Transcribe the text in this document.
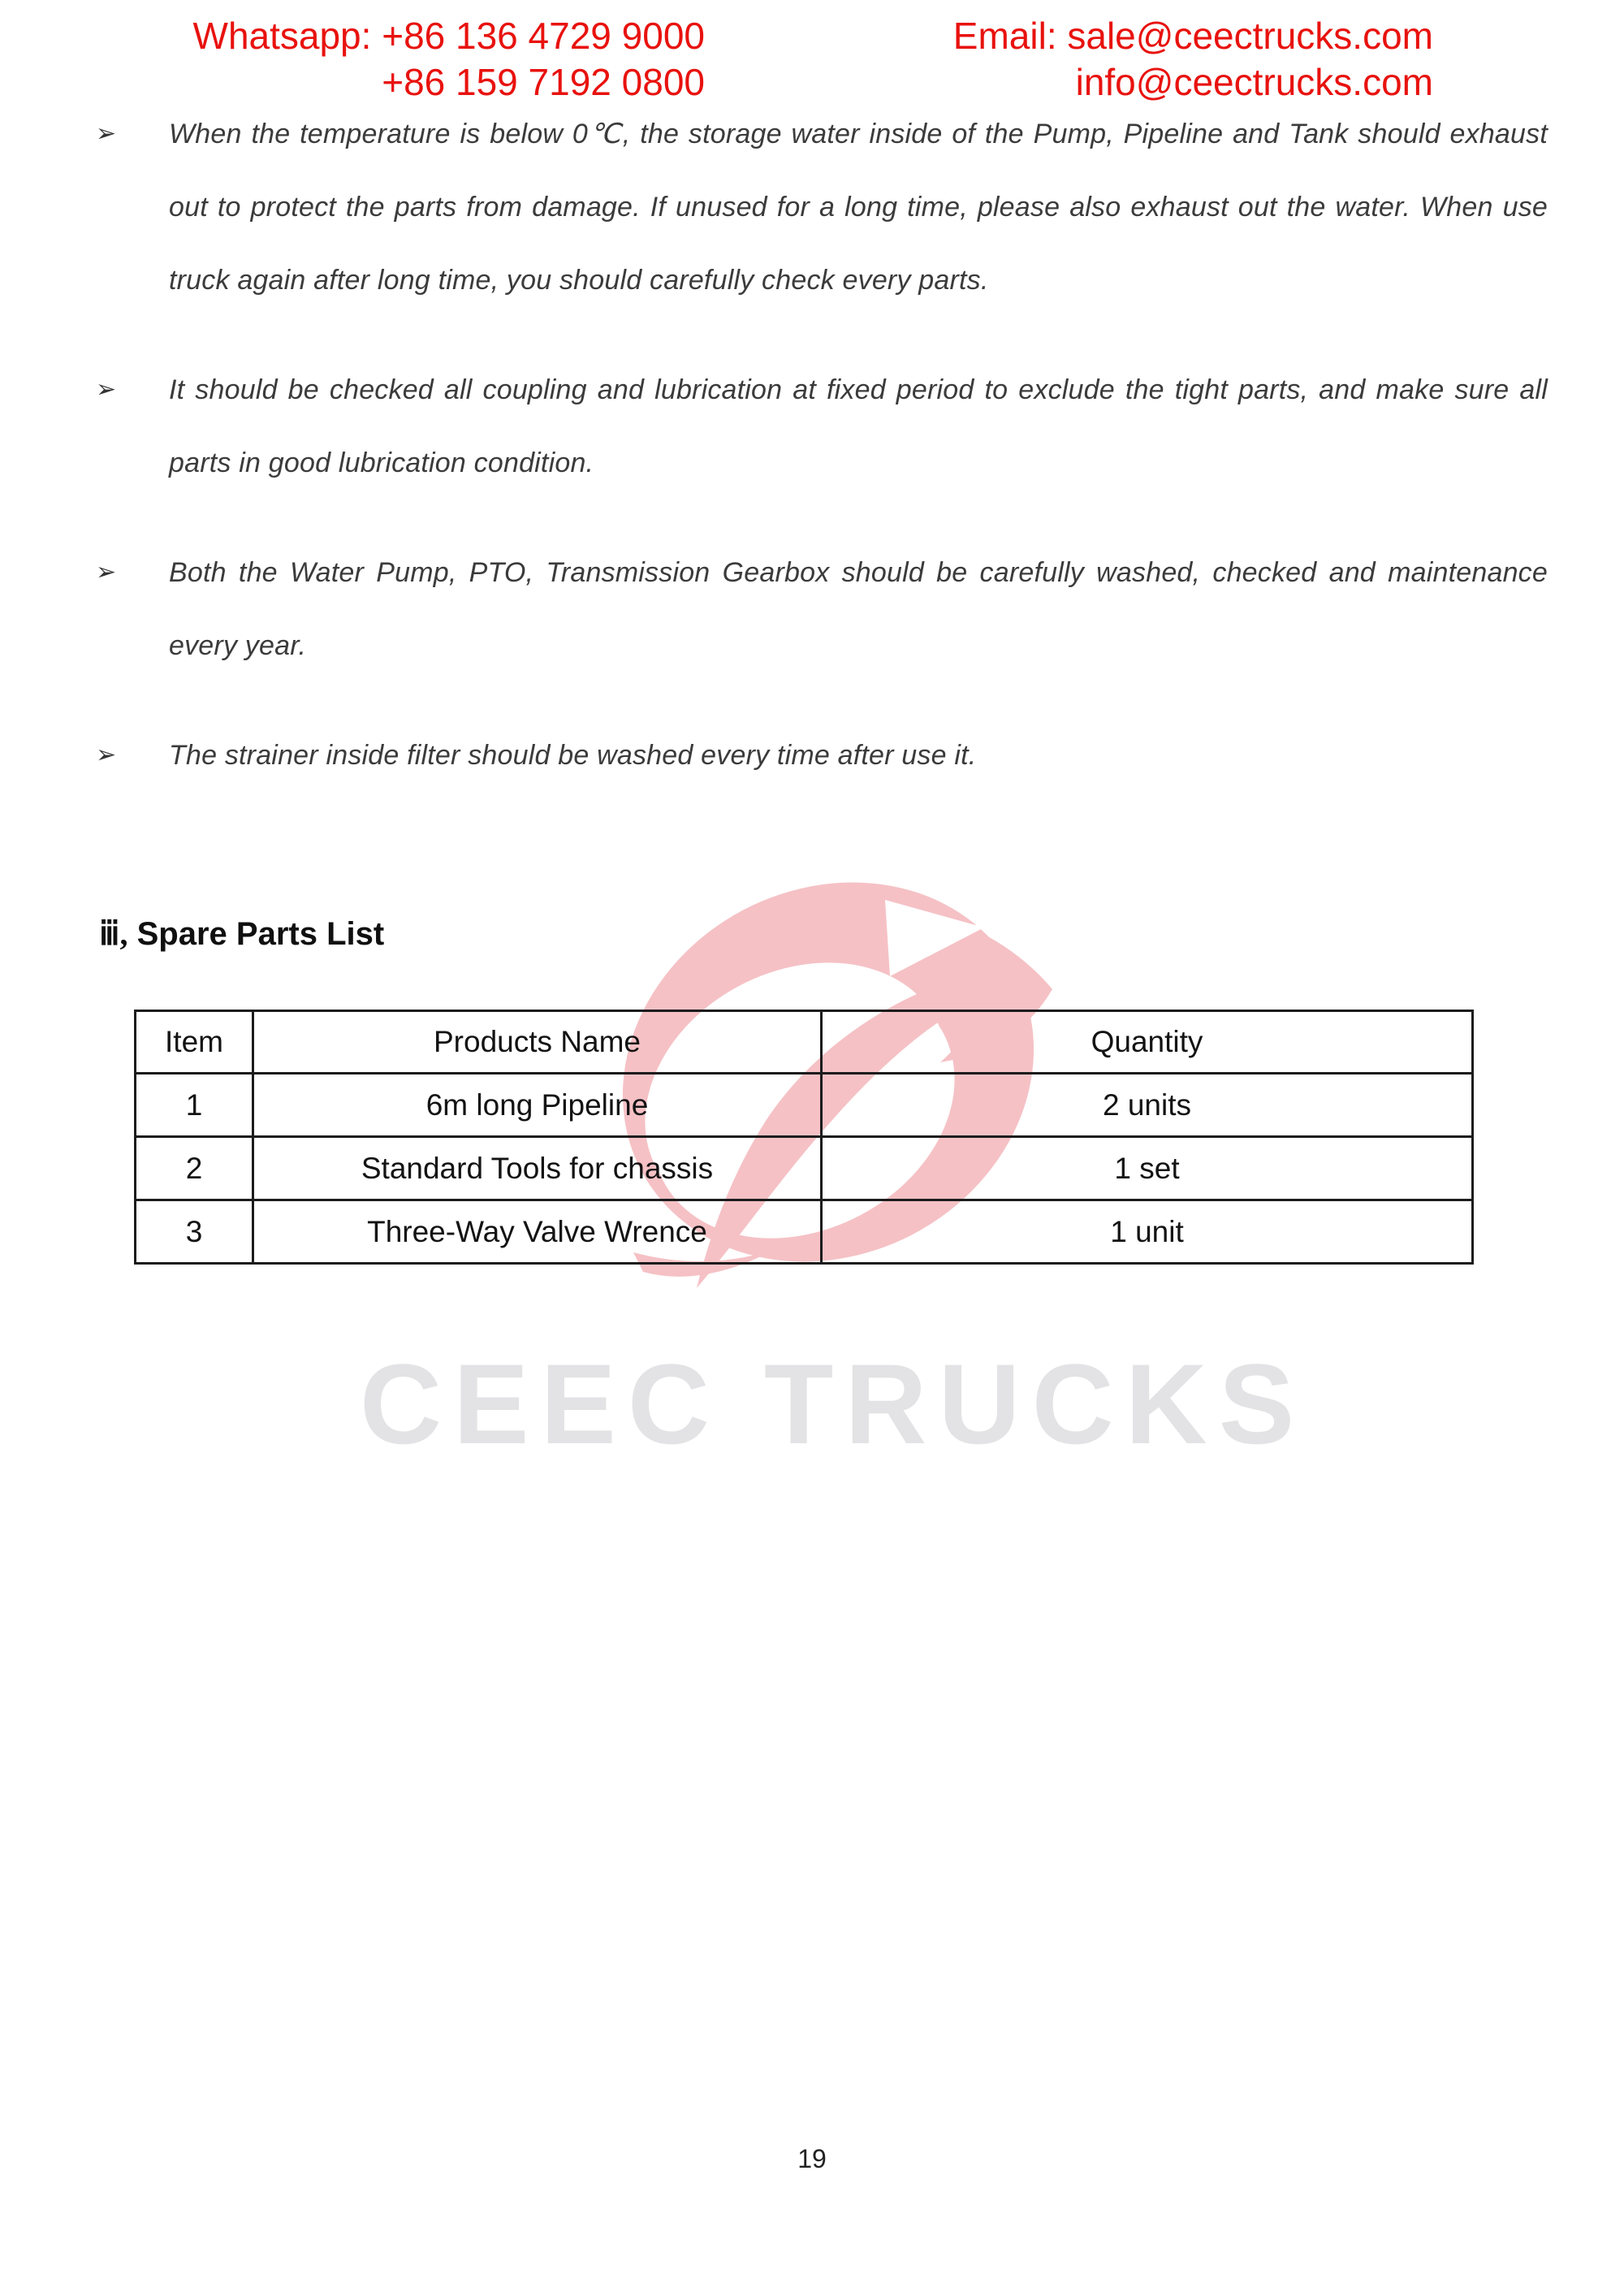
Whatsapp: +86 136 4729 9000
+86 159 7192 0800
Email: sale@ceectrucks.com
info@ceectrucks.com
➢	When the temperature is below 0℃, the storage water inside of the Pump, Pipeline and Tank should exhaust out to protect the parts from damage. If unused for a long time, please also exhaust out the water. When use truck again after long time, you should carefully check every parts.
➢	It should be checked all coupling and lubrication at fixed period to exclude the tight parts, and make sure all parts in good lubrication condition.
➢	Both the Water Pump, PTO, Transmission Gearbox should be carefully washed, checked and maintenance every year.
➢	The strainer inside filter should be washed every time after use it.
ⅲ, Spare Parts List
CEEC TRUCKS
Item	Products Name	Quantity
1	6m long Pipeline	2 units
2	Standard Tools for chassis	1 set
3	Three-Way Valve Wrence	1 unit
19
